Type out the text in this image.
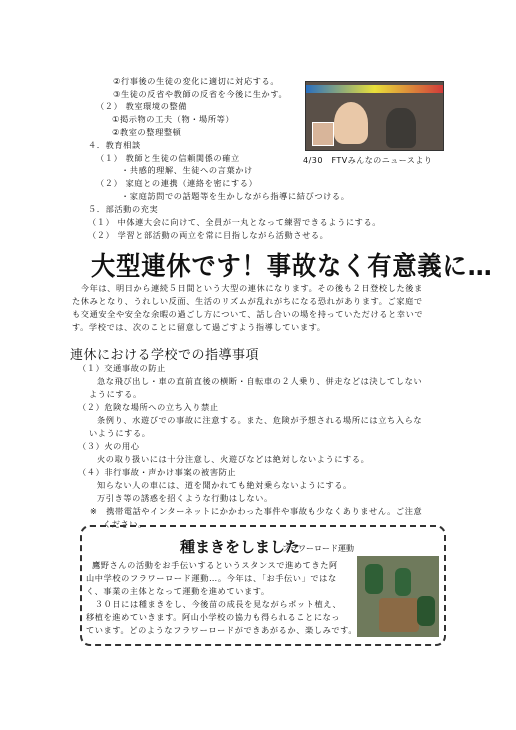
②行事後の生徒の変化に適切に対応する。
③生徒の反省や教師の反省を今後に生かす。
（２） 教室環境の整備
①掲示物の工夫（物・場所等）
②教室の整理整頓
４．教育相談
（１） 教師と生徒の信頼関係の確立
・共感的理解、生徒への言葉かけ
（２） 家庭との連携（連絡を密にする）
・家庭訪問での話題等を生かしながら指導に結びつける。
５．部活動の充実
（１） 中体連大会に向けて、全員が一丸となって練習できるようにする。
（２） 学習と部活動の両立を常に目指しながら活動させる。
4/30　FTVみんなのニュースより
大型連休です！事故なく有意義に…
　今年は、明日から連続５日間という大型の連休になります。その後も２日登校した後ま
た休みとなり、うれしい反面、生活のリズムが乱れがちになる恐れがあります。ご家庭で
も交通安全や安全な余暇の過ごし方について、話し合いの場を持っていただけると幸いで
す。学校では、次のことに留意して過ごすよう指導しています。
連休における学校での指導事項
（１）交通事故の防止
急な飛び出し・車の直前直後の横断・自転車の２人乗り、併走などは決してしない
ようにする。
（２）危険な場所への立ち入り禁止
条例り、水遊びでの事故に注意する。また、危険が予想される場所には立ち入らな
いようにする。
（３）火の用心
火の取り扱いには十分注意し、火遊びなどは絶対しないようにする。
（４）非行事故・声かけ事案の被害防止
知らない人の車には、道を聞かれても絶対乗らないようにする。
万引き等の誘惑を招くような行動はしない。
※　携帯電話やインターネットにかかわった事件や事故も少なくありません。ご注意
ください。
種まきをしました
フラワーロード運動
鷹野さんの活動をお手伝いするというスタンスで進めてきた阿
山中学校のフラワーロード運動…。今年は、「お手伝い」ではな
く、事業の主体となって運動を進めています。
　３０日には種まきをし、今後苗の成長を見ながらポット植え、
移植を進めていきます。阿山小学校の協力も得られることになっ
ています。どのようなフラワーロードができあがるか、楽しみです。
